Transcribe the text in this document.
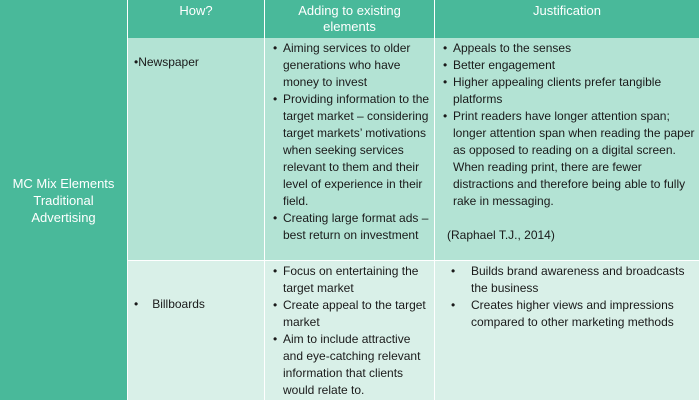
MC Mix Elements
Traditional
Advertising
How?	Adding to existing elements
Justification
•Newspaper
• Aiming services to older generations who have money to invest
• Providing information to the target market – considering target markets’ motivations when seeking services relevant to them and their level of experience in their field.
• Creating large format ads – best return on investment
• Appeals to the senses
• Better engagement
• Higher appealing clients prefer tangible platforms
• Print readers have longer attention span; longer attention span when reading the paper as opposed to reading on a digital screen. When reading print, there are fewer distractions and therefore being able to fully rake in messaging.
(Raphael T.J., 2014)
• Billboards
• Focus on entertaining the target market
• Create appeal to the target market
• Aim to include attractive and eye-catching relevant information that clients would relate to.
• Builds brand awareness and broadcasts the business
• Creates higher views and impressions compared to other marketing methods
